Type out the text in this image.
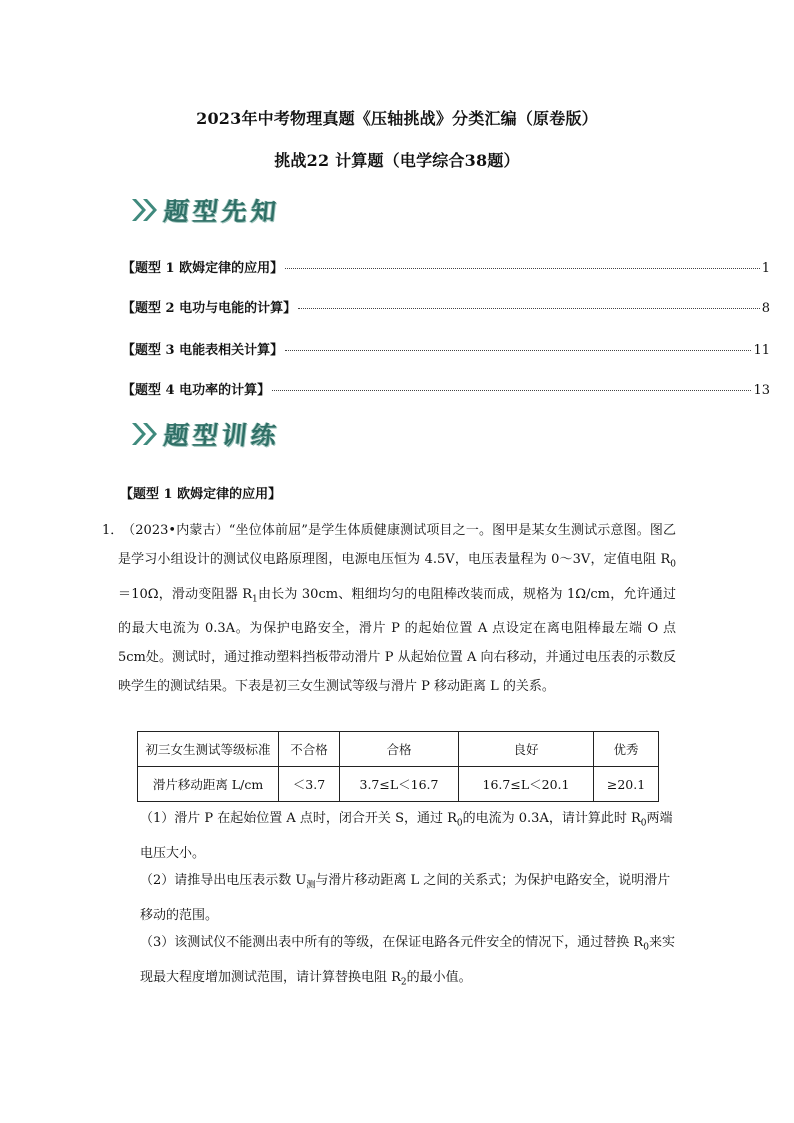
2023年中考物理真题《压轴挑战》分类汇编（原卷版）
挑战22 计算题（电学综合38题）
题型先知
【题型 1 欧姆定律的应用】	1
【题型 2 电功与电能的计算】	8
【题型 3 电能表相关计算】	11
【题型 4 电功率的计算】	13
题型训练
【题型 1 欧姆定律的应用】

1．（2023•内蒙古）“坐位体前屈”是学生体质健康测试项目之一。图甲是某女生测试示意图。图乙是学习小组设计的测试仪电路原理图，电源电压恒为 4.5V，电压表量程为 0～3V，定值电阻 $R_0=10\Omega$，滑动变阻器 $R_1$由长为 30cm、粗细均匀的电阻棒改装而成，规格为 1Ω/cm，允许通过的最大电流为 0.3A。为保护电路安全，滑片 P 的起始位置 A 点设定在离电阻棒最左端 O 点 5cm处。测试时，通过推动塑料挡板带动滑片 P 从起始位置 A 向右移动，并通过电压表的示数反映学生的测试结果。下表是初三女生测试等级与滑片 P 移动距离 L 的关系。

初三女生测试等级标准	不合格	合格	良好	优秀
滑片移动距离 L/cm	＜3.7	3.7≤L＜16.7	16.7≤L＜20.1	≥20.1

（1）滑片 P 在起始位置 A 点时，闭合开关 S，通过 $R_0$的电流为 0.3A，请计算此时 $R_0$两端电压大小。

（2）请推导出电压表示数 $U_测$与滑片移动距离 L 之间的关系式；为保护电路安全，说明滑片移动的范围。

（3）该测试仪不能测出表中所有的等级，在保证电路各元件安全的情况下，通过替换 $R_0$来实现最大程度增加测试范围，请计算替换电阻 $R_2$的最小值。
